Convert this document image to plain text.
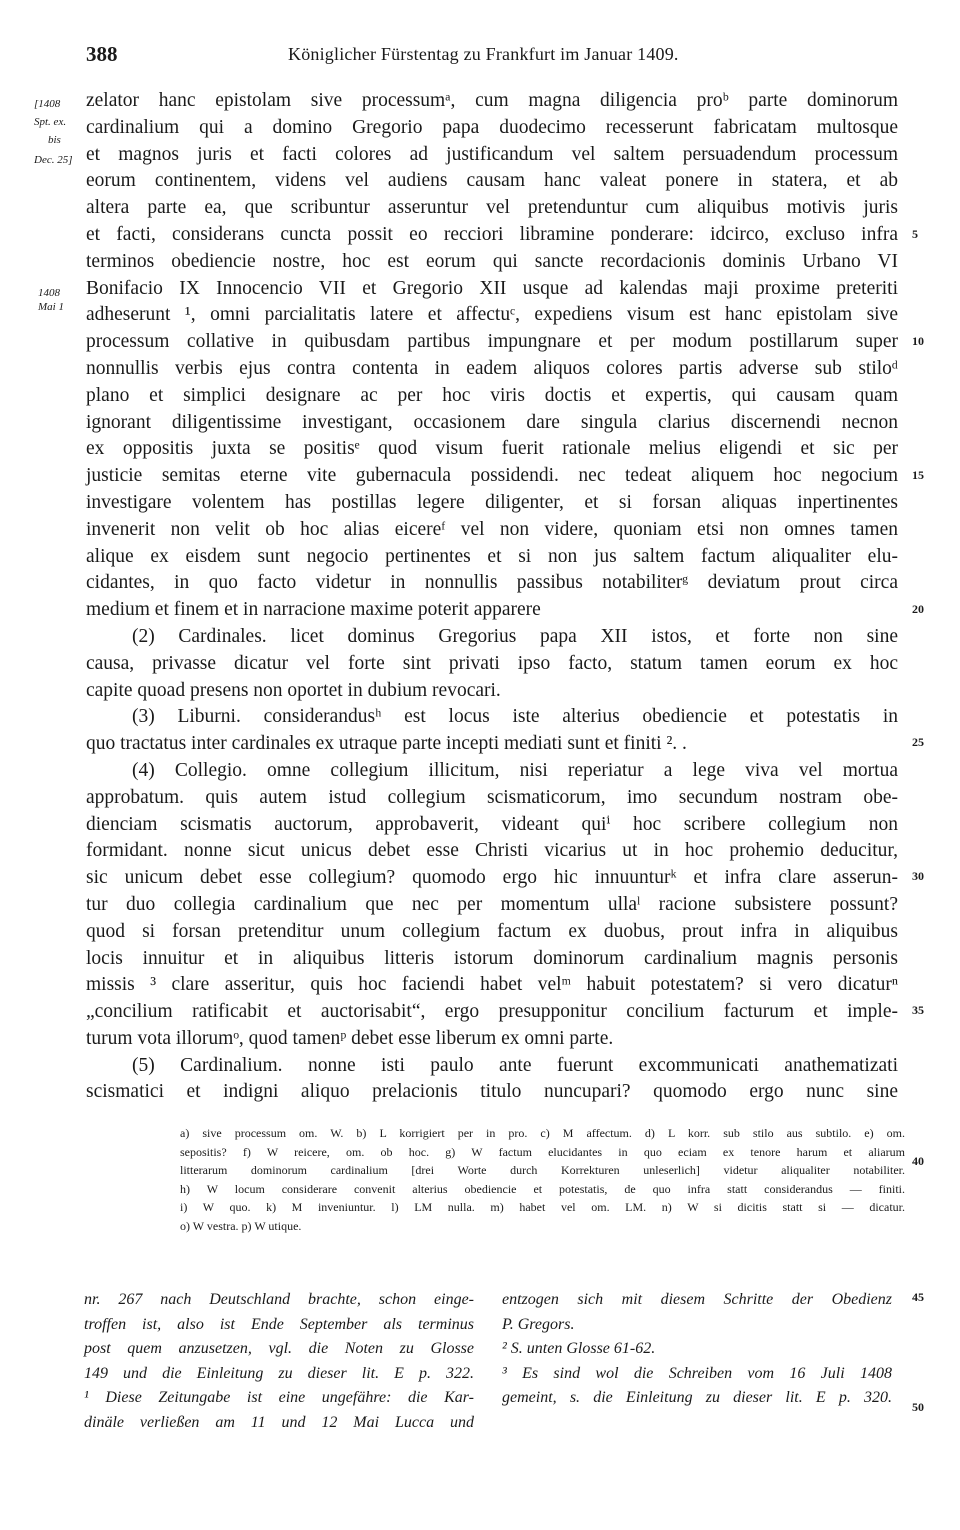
388	Königlicher Fürstentag zu Frankfurt im Januar 1409.
[1408
Spt. ex.
bis
Dec. 25]
1408
Mai 1
5
10
15
20
25
30
35
40
45
50
zelator hanc epistolam sive processumᵃ, cum magna diligencia proᵇ parte dominorum
cardinalium qui a domino Gregorio papa duodecimo recesserunt fabricatam multosque
et magnos juris et facti colores ad justificandum vel saltem persuadendum processum
eorum continentem, videns vel audiens causam hanc valeat ponere in statera, et ab
altera parte ea, que scribuntur asseruntur vel pretenduntur cum aliquibus motivis juris
et facti, considerans cuncta possit eo recciori libramine ponderare: idcirco, excluso infra
terminos obediencie nostre, hoc est eorum qui sancte recordacionis dominis Urbano VI
Bonifacio IX Innocencio VII et Gregorio XII usque ad kalendas maji proxime preteriti
adheserunt ¹, omni parcialitatis latere et affectuᶜ, expediens visum est hanc epistolam sive
processum collative in quibusdam partibus impungnare et per modum postillarum super
nonnullis verbis ejus contra contenta in eadem aliquos colores partis adverse sub stiloᵈ
plano et simplici designare ac per hoc viris doctis et expertis, qui causam quam
ignorant diligentissime investigant, occasionem dare singula clarius discernendi necnon
ex oppositis juxta se positisᵉ quod visum fuerit rationale melius eligendi et sic per
justicie semitas eterne vite gubernacula possidendi. nec tedeat aliquem hoc negocium
investigare volentem has postillas legere diligenter, et si forsan aliquas inpertinentes
invenerit non velit ob hoc alias eicereᶠ vel non videre, quoniam etsi non omnes tamen
alique ex eisdem sunt negocio pertinentes et si non jus saltem factum aliqualiter elu-
cidantes, in quo facto videtur in nonnullis passibus notabiliterᵍ deviatum prout circa
medium et finem et in narracione maxime poterit apparere
(2) Cardinales. licet dominus Gregorius papa XII istos, et forte non sine
causa, privasse dicatur vel forte sint privati ipso facto, statum tamen eorum ex hoc
capite quoad presens non oportet in dubium revocari.
(3) Liburni. considerandusʰ est locus iste alterius obediencie et potestatis in
quo tractatus inter cardinales ex utraque parte incepti mediati sunt et finiti ². .
(4) Collegio. omne collegium illicitum, nisi reperiatur a lege viva vel mortua
approbatum. quis autem istud collegium scismaticorum, imo secundum nostram obe-
dienciam scismatis auctorum, approbaverit, videant quiⁱ hoc scribere collegium non
formidant. nonne sicut unicus debet esse Christi vicarius ut in hoc prohemio deducitur,
sic unicum debet esse collegium? quomodo ergo hic innuunturᵏ et infra clare asserun-
tur duo collegia cardinalium que nec per momentum ullaˡ racione subsistere possunt?
quod si forsan pretenditur unum collegium factum ex duobus, prout infra in aliquibus
locis innuitur et in aliquibus litteris istorum dominorum cardinalium magnis personis
missis ³ clare asseritur, quis hoc faciendi habet velᵐ habuit potestatem? si vero dicaturⁿ
„concilium ratificabit et auctorisabit“, ergo presupponitur concilium facturum et imple-
turum vota illorumᵒ, quod tamenᵖ debet esse liberum ex omni parte.
(5) Cardinalium. nonne isti paulo ante fuerunt excommunicati anathematizati
scismatici et indigni aliquo prelacionis titulo nuncupari? quomodo ergo nunc sine
a) sive processum om. W. b) L korrigiert per in pro. c) M affectum. d) L korr. sub stilo aus subtilo. e) om.
sepositis? f) W reicere, om. ob hoc. g) W factum elucidantes in quo eciam ex tenore harum et aliarum
litterarum dominorum cardinalium [drei Worte durch Korrekturen unleserlich] videtur aliqualiter notabiliter.
h) W locum considerare convenit alterius obediencie et potestatis, de quo infra statt considerandus — finiti.
i) W quo. k) M inveniuntur. l) LM nulla. m) habet vel om. LM. n) W si dicitis statt si — dicatur.
o) W vestra. p) W utique.
nr. 267 nach Deutschland brachte, schon einge-
troffen ist, also ist Ende September als terminus
post quem anzusetzen, vgl. die Noten zu Glosse
149 und die Einleitung zu dieser lit. E p. 322.
¹ Diese Zeitungabe ist eine ungefähre: die Kar-
dinäle verließen am 11 und 12 Mai Lucca und
entzogen sich mit diesem Schritte der Obedienz
P. Gregors.
² S. unten Glosse 61-62.
³ Es sind wol die Schreiben vom 16 Juli 1408
gemeint, s. die Einleitung zu dieser lit. E p. 320.
